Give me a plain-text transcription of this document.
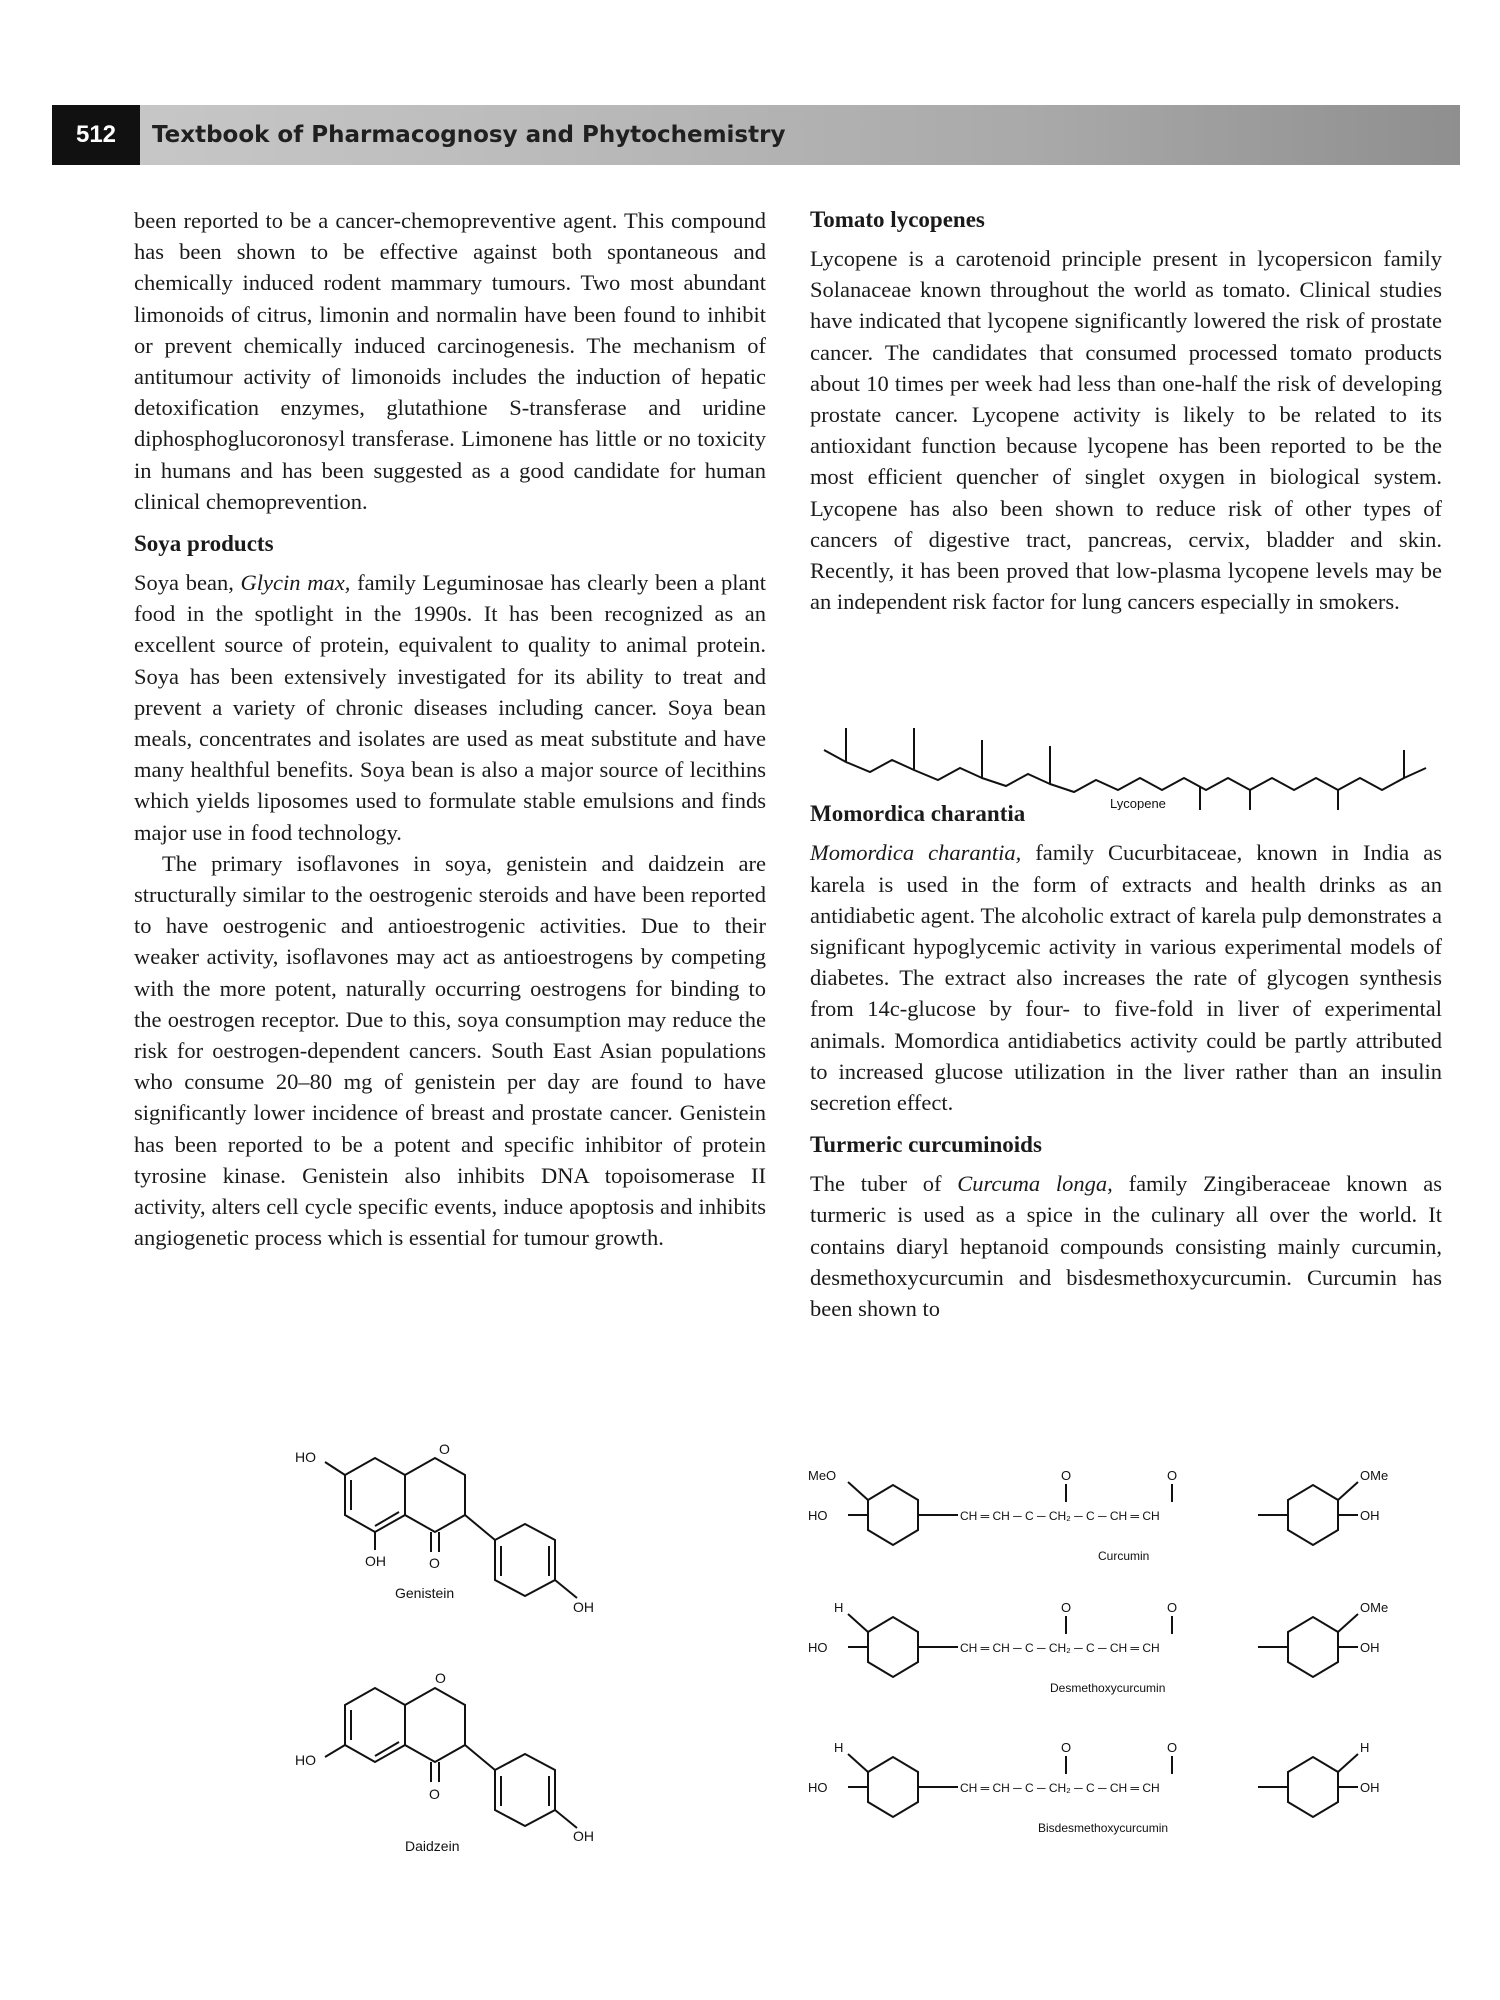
512	Textbook of Pharmacognosy and Phytochemistry

been reported to be a cancer-chemopreventive agent. This compound has been shown to be effective against both spontaneous and chemically induced rodent mammary tumours. Two most abundant limonoids of citrus, limonin and normalin have been found to inhibit or prevent chemically induced carcinogenesis. The mechanism of antitumour activity of limonoids includes the induction of hepatic detoxification enzymes, glutathione S-transferase and uridine diphosphoglucoronosyl transferase. Limonene has little or no toxicity in humans and has been suggested as a good candidate for human clinical chemoprevention.

Soya products

Soya bean, Glycin max, family Leguminosae has clearly been a plant food in the spotlight in the 1990s. It has been recognized as an excellent source of protein, equivalent to quality to animal protein. Soya has been extensively investigated for its ability to treat and prevent a variety of chronic diseases including cancer. Soya bean meals, concentrates and isolates are used as meat substitute and have many healthful benefits. Soya bean is also a major source of lecithins which yields liposomes used to formulate stable emulsions and finds major use in food technology.

The primary isoflavones in soya, genistein and daidzein are structurally similar to the oestrogenic steroids and have been reported to have oestrogenic and antioestrogenic activities. Due to their weaker activity, isoflavones may act as antioestrogens by competing with the more potent, naturally occurring oestrogens for binding to the oestrogen receptor. Due to this, soya consumption may reduce the risk for oestrogen-dependent cancers. South East Asian populations who consume 20–80 mg of genistein per day are found to have significantly lower incidence of breast and prostate cancer. Genistein has been reported to be a potent and specific inhibitor of protein tyrosine kinase. Genistein also inhibits DNA topoisomerase II activity, alters cell cycle specific events, induce apoptosis and inhibits angiogenetic process which is essential for tumour growth.

Tomato lycopenes

Lycopene is a carotenoid principle present in lycopersicon family Solanaceae known throughout the world as tomato. Clinical studies have indicated that lycopene significantly lowered the risk of prostate cancer. The candidates that consumed processed tomato products about 10 times per week had less than one-half the risk of developing prostate cancer. Lycopene activity is likely to be related to its antioxidant function because lycopene has been reported to be the most efficient quencher of singlet oxygen in biological system. Lycopene has also been shown to reduce risk of other types of cancers of digestive tract, pancreas, cervix, bladder and skin. Recently, it has been proved that low-plasma lycopene levels may be an independent risk factor for lung cancers especially in smokers.

Momordica charantia

Momordica charantia, family Cucurbitaceae, known in India as karela is used in the form of extracts and health drinks as an antidiabetic agent. The alcoholic extract of karela pulp demonstrates a significant hypoglycemic activity in various experimental models of diabetes. The extract also increases the rate of glycogen synthesis from 14c-glucose by four- to five-fold in liver of experimental animals. Momordica antidiabetics activity could be partly attributed to increased glucose utilization in the liver rather than an insulin secretion effect.

Turmeric curcuminoids

The tuber of Curcuma longa, family Zingiberaceae known as turmeric is used as a spice in the culinary all over the world. It contains diaryl heptanoid compounds consisting mainly curcumin, desmethoxycurcumin and bisdesmethoxycurcumin. Curcumin has been shown to

Lycopene
HO	O
OH	O
OH
Genistein
HO
O
O
OH
Daidzein
HO
MeO
CH ═ CH ─ C ─ CH₂ ─ C ─ CH ═ CH
O	O
OH
OMe
Curcumin
HO
H
CH ═ CH ─ C ─ CH₂ ─ C ─ CH ═ CH
O	O
OH
OMe
Desmethoxycurcumin
HO
H
CH ═ CH ─ C ─ CH₂ ─ C ─ CH ═ CH
O	O
OH
H
Bisdesmethoxycurcumin
